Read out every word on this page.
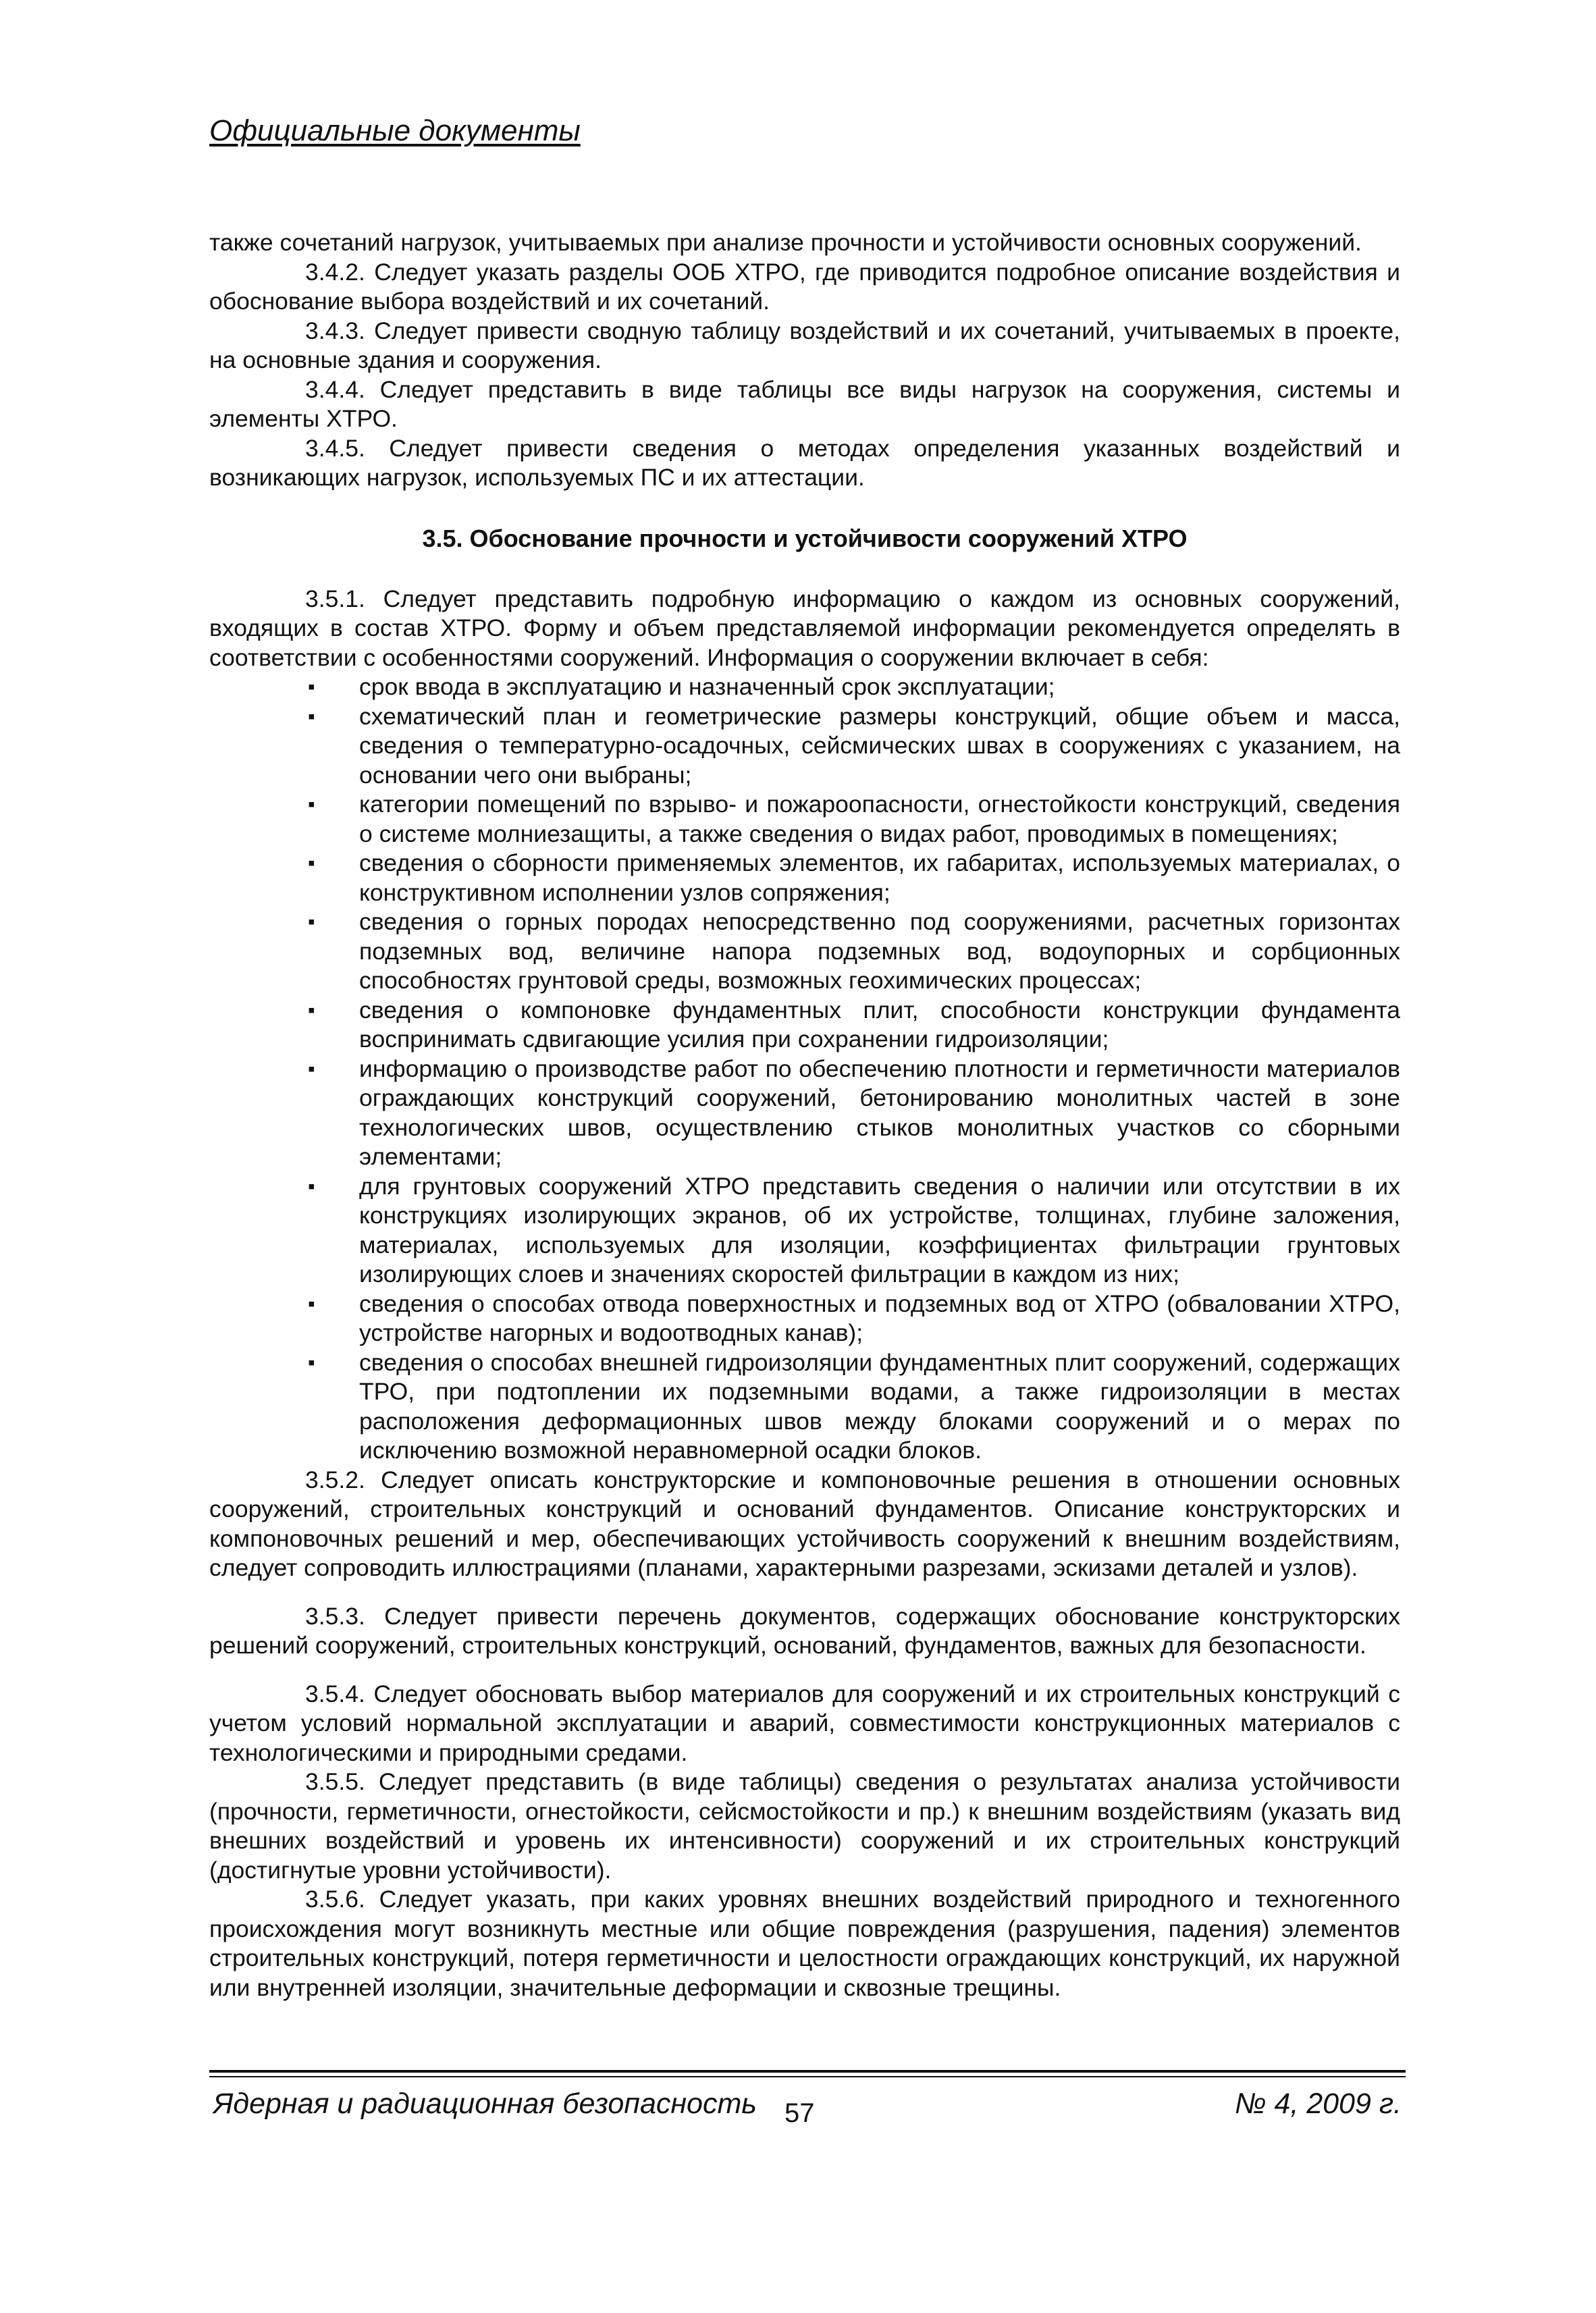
Официальные документы

также сочетаний нагрузок, учитываемых при анализе прочности и устойчивости основных сооружений.

3.4.2. Следует указать разделы ООБ ХТРО, где приводится подробное описание воздействия и обоснование выбора воздействий и их сочетаний.

3.4.3. Следует привести сводную таблицу воздействий и их сочетаний, учитываемых в проекте, на основные здания и сооружения.

3.4.4. Следует представить в виде таблицы все виды нагрузок на сооружения, системы и элементы ХТРО.

3.4.5. Следует привести сведения о методах определения указанных воздействий и возникающих нагрузок, используемых ПС и их аттестации.

3.5. Обоснование прочности и устойчивости сооружений ХТРО

3.5.1. Следует представить подробную информацию о каждом из основных сооружений, входящих в состав ХТРО. Форму и объем представляемой информации рекомендуется определять в соответствии с особенностями сооружений. Информация о сооружении включает в себя:

▪ срок ввода в эксплуатацию и назначенный срок эксплуатации;
▪ схематический план и геометрические размеры конструкций, общие объем и масса, сведения о температурно-осадочных, сейсмических швах в сооружениях с указанием, на основании чего они выбраны;
▪ категории помещений по взрыво- и пожароопасности, огнестойкости конструкций, сведения о системе молниезащиты, а также сведения о видах работ, проводимых в помещениях;
▪ сведения о сборности применяемых элементов, их габаритах, используемых материалах, о конструктивном исполнении узлов сопряжения;
▪ сведения о горных породах непосредственно под сооружениями, расчетных горизонтах подземных вод, величине напора подземных вод, водоупорных и сорбционных способностях грунтовой среды, возможных геохимических процессах;
▪ сведения о компоновке фундаментных плит, способности конструкции фундамента воспринимать сдвигающие усилия при сохранении гидроизоляции;
▪ информацию о производстве работ по обеспечению плотности и герметичности материалов ограждающих конструкций сооружений, бетонированию монолитных частей в зоне технологических швов, осуществлению стыков монолитных участков со сборными элементами;
▪ для грунтовых сооружений ХТРО представить сведения о наличии или отсутствии в их конструкциях изолирующих экранов, об их устройстве, толщинах, глубине заложения, материалах, используемых для изоляции, коэффициентах фильтрации грунтовых изолирующих слоев и значениях скоростей фильтрации в каждом из них;
▪ сведения о способах отвода поверхностных и подземных вод от ХТРО (обваловании ХТРО, устройстве нагорных и водоотводных канав);
▪ сведения о способах внешней гидроизоляции фундаментных плит сооружений, содержащих ТРО, при подтоплении их подземными водами, а также гидроизоляции в местах расположения деформационных швов между блоками сооружений и о мерах по исключению возможной неравномерной осадки блоков.

3.5.2. Следует описать конструкторские и компоновочные решения в отношении основных сооружений, строительных конструкций и оснований фундаментов. Описание конструкторских и компоновочных решений и мер, обеспечивающих устойчивость сооружений к внешним воздействиям, следует сопроводить иллюстрациями (планами, характерными разрезами, эскизами деталей и узлов).

3.5.3. Следует привести перечень документов, содержащих обоснование конструкторских решений сооружений, строительных конструкций, оснований, фундаментов, важных для безопасности.

3.5.4. Следует обосновать выбор материалов для сооружений и их строительных конструкций с учетом условий нормальной эксплуатации и аварий, совместимости конструкционных материалов с технологическими и природными средами.

3.5.5. Следует представить (в виде таблицы) сведения о результатах анализа устойчивости (прочности, герметичности, огнестойкости, сейсмостойкости и пр.) к внешним воздействиям (указать вид внешних воздействий и уровень их интенсивности) сооружений и их строительных конструкций (достигнутые уровни устойчивости).

3.5.6. Следует указать, при каких уровнях внешних воздействий природного и техногенного происхождения могут возникнуть местные или общие повреждения (разрушения, падения) элементов строительных конструкций, потеря герметичности и целостности ограждающих конструкций, их наружной или внутренней изоляции, значительные деформации и сквозные трещины.

Ядерная и радиационная безопасность 57	№ 4, 2009 г.
